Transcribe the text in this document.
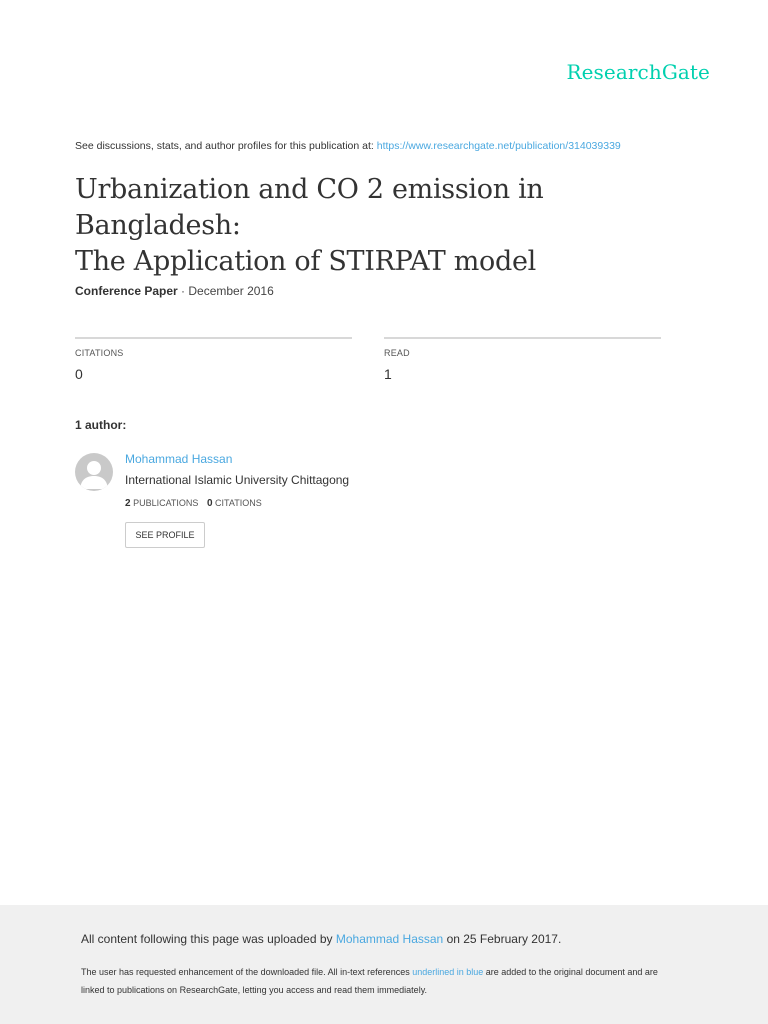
ResearchGate
See discussions, stats, and author profiles for this publication at: https://www.researchgate.net/publication/314039339
Urbanization and CO 2 emission in Bangladesh:
The Application of STIRPAT model
Conference Paper · December 2016
CITATIONS
0
READ
1
1 author:
Mohammad Hassan
International Islamic University Chittagong
2 PUBLICATIONS 0 CITATIONS
SEE PROFILE
All content following this page was uploaded by Mohammad Hassan on 25 February 2017.
The user has requested enhancement of the downloaded file. All in-text references underlined in blue are added to the original document and are linked to publications on ResearchGate, letting you access and read them immediately.
